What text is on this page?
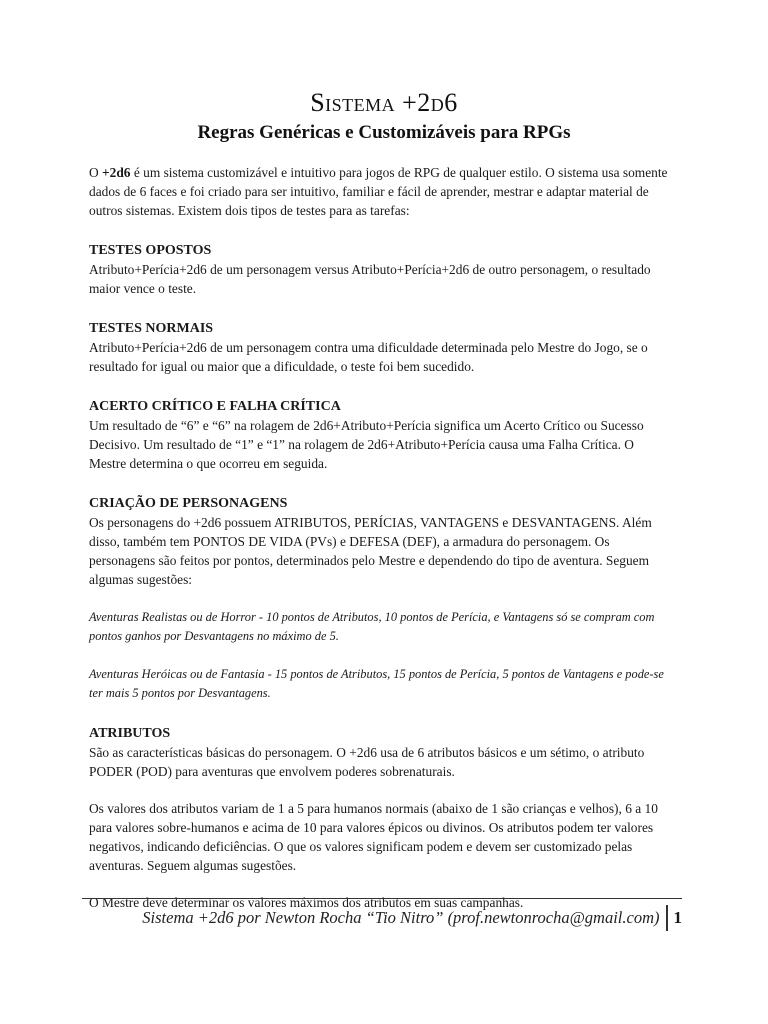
Sistema +2d6
Regras Genéricas e Customizáveis para RPGs

O +2d6 é um sistema customizável e intuitivo para jogos de RPG de qualquer estilo. O sistema usa somente dados de 6 faces e foi criado para ser intuitivo, familiar e fácil de aprender, mestrar e adaptar material de outros sistemas. Existem dois tipos de testes para as tarefas:

TESTES OPOSTOS

Atributo+Perícia+2d6 de um personagem versus Atributo+Perícia+2d6 de outro personagem, o resultado maior vence o teste.

TESTES NORMAIS

Atributo+Perícia+2d6 de um personagem contra uma dificuldade determinada pelo Mestre do Jogo, se o resultado for igual ou maior que a dificuldade, o teste foi bem sucedido.

ACERTO CRÍTICO E FALHA CRÍTICA

Um resultado de “6” e “6” na rolagem de 2d6+Atributo+Perícia significa um Acerto Crítico ou Sucesso Decisivo. Um resultado de “1” e “1” na rolagem de 2d6+Atributo+Perícia causa uma Falha Crítica. O Mestre determina o que ocorreu em seguida.

CRIAÇÃO DE PERSONAGENS

Os personagens do +2d6 possuem ATRIBUTOS, PERÍCIAS, VANTAGENS e DESVANTAGENS. Além disso, também tem PONTOS DE VIDA (PVs) e DEFESA (DEF), a armadura do personagem. Os personagens são feitos por pontos, determinados pelo Mestre e dependendo do tipo de aventura. Seguem algumas sugestões:

Aventuras Realistas ou de Horror - 10 pontos de Atributos, 10 pontos de Perícia, e Vantagens só se compram com pontos ganhos por Desvantagens no máximo de 5.

Aventuras Heróicas ou de Fantasia - 15 pontos de Atributos, 15 pontos de Perícia, 5 pontos de Vantagens e pode-se ter mais 5 pontos por Desvantagens.

ATRIBUTOS

São as características básicas do personagem. O +2d6 usa de 6 atributos básicos e um sétimo, o atributo PODER (POD) para aventuras que envolvem poderes sobrenaturais.

Os valores dos atributos variam de 1 a 5 para humanos normais (abaixo de 1 são crianças e velhos), 6 a 10 para valores sobre-humanos e acima de 10 para valores épicos ou divinos. Os atributos podem ter valores negativos, indicando deficiências. O que os valores significam podem e devem ser customizado pelas aventuras. Seguem algumas sugestões.

O Mestre deve determinar os valores máximos dos atributos em suas campanhas.

Sistema +2d6 por Newton Rocha “Tio Nitro” (prof.newtonrocha@gmail.com) 1
